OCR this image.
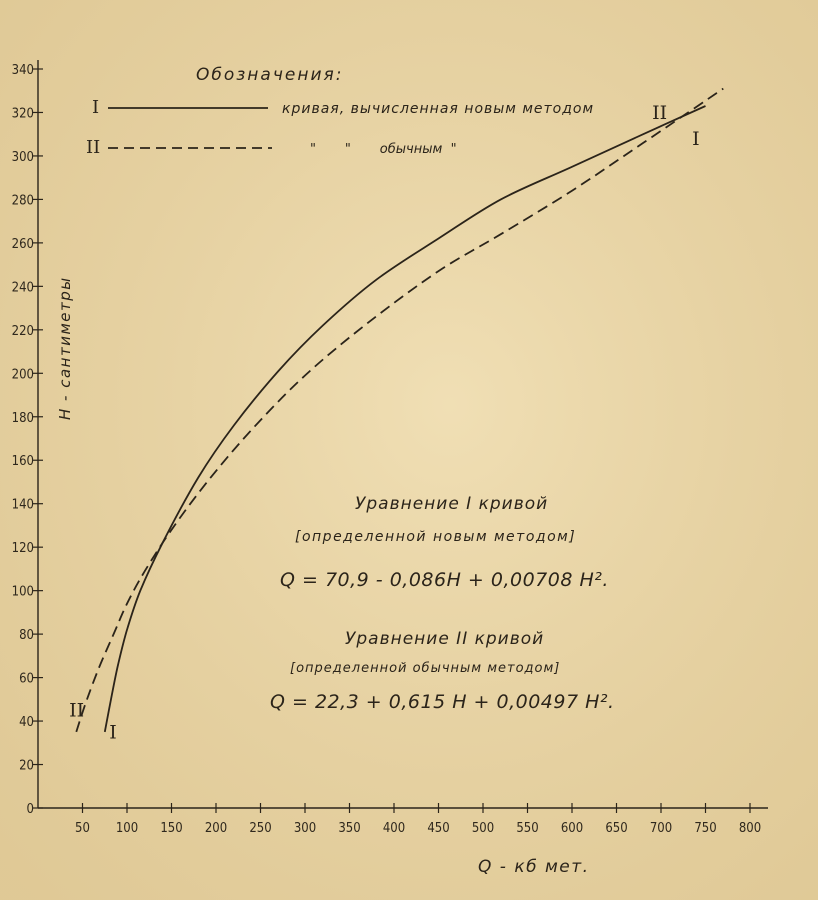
50 100 150 200 250 300 350 400 450 500 550 600 650 700 750 800
0
20
40
60
80
100
120
140
160
180
200
220
240
260
280
300
320
340
I
II
II
I
Обозначения:
I	кривая, вычисленная новым методом
II	"       "       обычным  "
H - сантиметры
Q - кб мет.
Уравнение I кривой
[определенной новым методом]
Q = 70,9 - 0,086H + 0,00708 H².
Уравнение II кривой
[определенной обычным методом]
Q = 22,3 + 0,615 H + 0,00497 H².
